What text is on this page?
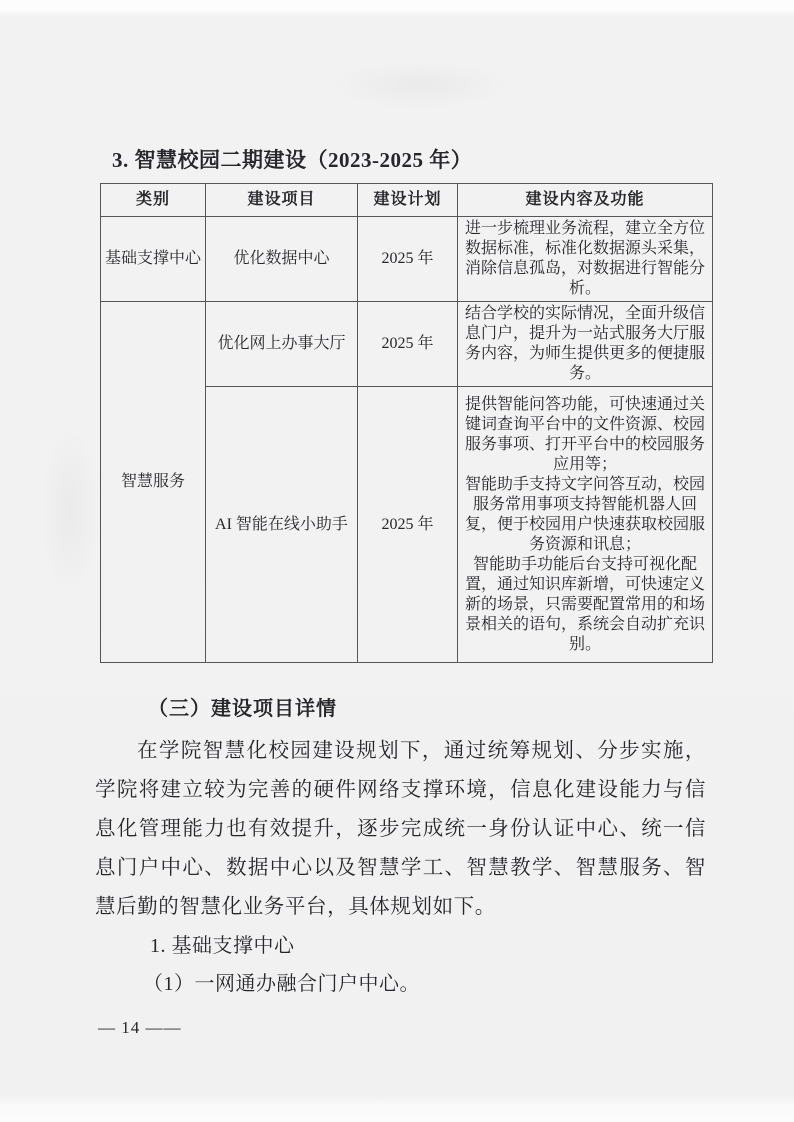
3. 智慧校园二期建设（2023-2025 年）
类别	建设项目	建设计划	建设内容及功能
基础支撑中心	优化数据中心	2025 年	进一步梳理业务流程，建立全方位数据标准，标准化数据源头采集，消除信息孤岛，对数据进行智能分析。
智慧服务	优化网上办事大厅	2025 年	结合学校的实际情况，全面升级信息门户，提升为一站式服务大厅服务内容，为师生提供更多的便捷服务。
	AI 智能在线小助手	2025 年	提供智能问答功能，可快速通过关键词查询平台中的文件资源、校园服务事项、打开平台中的校园服务应用等；

智能助手支持文字问答互动，校园服务常用事项支持智能机器人回复，便于校园用户快速获取校园服务资源和讯息；

智能助手功能后台支持可视化配置，通过知识库新增，可快速定义新的场景，只需要配置常用的和场景相关的语句，系统会自动扩充识别。

（三）建设项目详情

在学院智慧化校园建设规划下，通过统筹规划、分步实施，学院将建立较为完善的硬件网络支撑环境，信息化建设能力与信息化管理能力也有效提升，逐步完成统一身份认证中心、统一信息门户中心、数据中心以及智慧学工、智慧教学、智慧服务、智慧后勤的智慧化业务平台，具体规划如下。

1. 基础支撑中心

（1）一网通办融合门户中心。

— 14 ——
